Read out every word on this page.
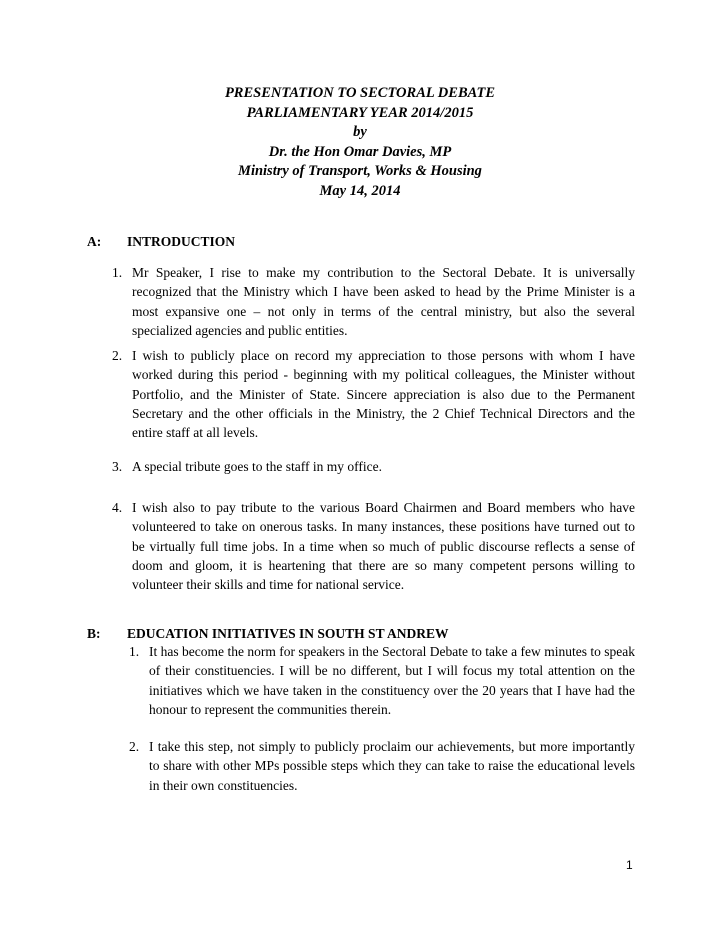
PRESENTATION TO SECTORAL DEBATE
PARLIAMENTARY YEAR 2014/2015
by
Dr. the Hon Omar Davies, MP
Ministry of Transport, Works & Housing
May 14, 2014
A: INTRODUCTION
1. Mr Speaker, I rise to make my contribution to the Sectoral Debate. It is universally recognized that the Ministry which I have been asked to head by the Prime Minister is a most expansive one – not only in terms of the central ministry, but also the several specialized agencies and public entities.
2. I wish to publicly place on record my appreciation to those persons with whom I have worked during this period - beginning with my political colleagues, the Minister without Portfolio, and the Minister of State. Sincere appreciation is also due to the Permanent Secretary and the other officials in the Ministry, the 2 Chief Technical Directors and the entire staff at all levels.
3. A special tribute goes to the staff in my office.
4. I wish also to pay tribute to the various Board Chairmen and Board members who have volunteered to take on onerous tasks. In many instances, these positions have turned out to be virtually full time jobs. In a time when so much of public discourse reflects a sense of doom and gloom, it is heartening that there are so many competent persons willing to volunteer their skills and time for national service.
B: EDUCATION INITIATIVES IN SOUTH ST ANDREW
1. It has become the norm for speakers in the Sectoral Debate to take a few minutes to speak of their constituencies. I will be no different, but I will focus my total attention on the initiatives which we have taken in the constituency over the 20 years that I have had the honour to represent the communities therein.
2. I take this step, not simply to publicly proclaim our achievements, but more importantly to share with other MPs possible steps which they can take to raise the educational levels in their own constituencies.
1
